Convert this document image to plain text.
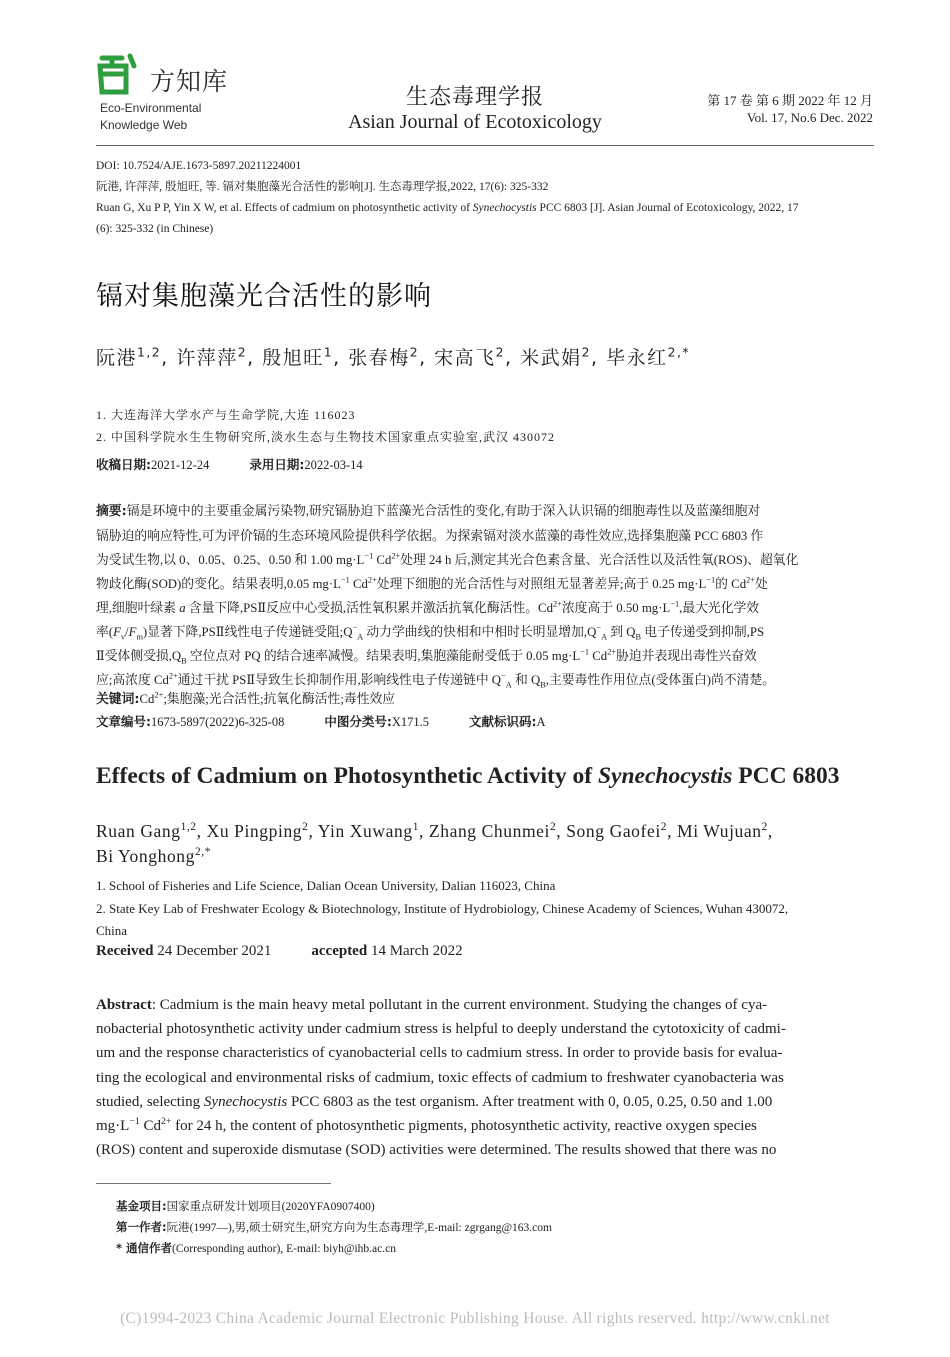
方知库
Eco-Environmental
Knowledge Web
生态毒理学报
Asian Journal of Ecotoxicology
第 17 卷 第 6 期 2022 年 12 月
Vol. 17, No.6 Dec. 2022
DOI: 10.7524/AJE.1673-5897.20211224001
阮港, 许萍萍, 殷旭旺, 等. 镉对集胞藻光合活性的影响[J]. 生态毒理学报,2022, 17(6): 325-332
Ruan G, Xu P P, Yin X W, et al. Effects of cadmium on photosynthetic activity of Synechocystis PCC 6803 [J]. Asian Journal of Ecotoxicology, 2022, 17
(6): 325-332 (in Chinese)
镉对集胞藻光合活性的影响
阮港$^{1,2}$, 许萍萍$^2$, 殷旭旺$^1$, 张春梅$^2$, 宋高飞$^2$, 米武娟$^2$, 毕永红$^{2,*}$
1. 大连海洋大学水产与生命学院,大连 116023
2. 中国科学院水生生物研究所,淡水生态与生物技术国家重点实验室,武汉 430072
收稿日期:2021-12-24	录用日期:2022-03-14
摘要:镉是环境中的主要重金属污染物,研究镉胁迫下蓝藻光合活性的变化,有助于深入认识镉的细胞毒性以及蓝藻细胞对
镉胁迫的响应特性,可为评价镉的生态环境风险提供科学依据。为探索镉对淡水蓝藻的毒性效应,选择集胞藻 PCC 6803 作
为受试生物,以 0、0.05、0.25、0.50 和 1.00 $mg\cdot L^{-1}$ $Cd^{2+}$处理 24 h 后,测定其光合色素含量、光合活性以及活性氧(ROS)、超氧化
物歧化酶(SOD)的变化。结果表明,0.05 $mg\cdot L^{-1}$ $Cd^{2+}$处理下细胞的光合活性与对照组无显著差异;高于 0.25 $mg\cdot L^{-1}$的 $Cd^{2+}$处
理,细胞叶绿素 a 含量下降,PSⅡ反应中心受损,活性氧积累并激活抗氧化酶活性。$Cd^{2+}$浓度高于 0.50 $mg\cdot L^{-1}$,最大光化学效
率$(F_v/F_m)$显著下降,PSⅡ线性电子传递链受阻$;Q^-_A$ 动力学曲线的快相和中相时长明显增加$,Q^-_A$ 到 $Q_B$ 电子传递受到抑制,PS
Ⅱ受体侧受损$,Q_B$ 空位点对 PQ 的结合速率减慢。结果表明,集胞藻能耐受低于 0.05 $mg\cdot L^{-1}$ $Cd^{2+}$胁迫并表现出毒性兴奋效
应;高浓度 $Cd^{2+}$通过干扰 PSⅡ导致生长抑制作用,影响线性电子传递链中 $Q^-_A$ 和 $Q_B$,主要毒性作用位点(受体蛋白)尚不清楚。
关键词$:Cd^{2+}$;集胞藻;光合活性;抗氧化酶活性;毒性效应
文章编号:1673-5897(2022)6-325-08	中图分类号:X171.5	文献标识码:A
Effects of Cadmium on Photosynthetic Activity of Synechocystis PCC 6803
Ruan Gang$^{1,2}$, Xu Pingping$^2$, Yin Xuwang$^1$, Zhang Chunmei$^2$, Song Gaofei$^2$, Mi Wujuan$^2$,
Bi Yonghong$^{2,*}$
1. School of Fisheries and Life Science, Dalian Ocean University, Dalian 116023, China
2. State Key Lab of Freshwater Ecology & Biotechnology, Institute of Hydrobiology, Chinese Academy of Sciences, Wuhan 430072,
China
Received 24 December 2021	accepted 14 March 2022
Abstract: Cadmium is the main heavy metal pollutant in the current environment. Studying the changes of cya-
nobacterial photosynthetic activity under cadmium stress is helpful to deeply understand the cytotoxicity of cadmi-
um and the response characteristics of cyanobacterial cells to cadmium stress. In order to provide basis for evalua-
ting the ecological and environmental risks of cadmium, toxic effects of cadmium to freshwater cyanobacteria was
studied, selecting Synechocystis PCC 6803 as the test organism. After treatment with 0, 0.05, 0.25, 0.50 and 1.00
$mg\cdot L^{-1}$ $Cd^{2+}$ for 24 h, the content of photosynthetic pigments, photosynthetic activity, reactive oxygen species
(ROS) content and superoxide dismutase (SOD) activities were determined. The results showed that there was no
基金项目:国家重点研发计划项目(2020YFA0907400)
第一作者:阮港(1997—),男,硕士研究生,研究方向为生态毒理学,E-mail: zgrgang@163.com
* 通信作者(Corresponding author), E-mail: biyh@ihb.ac.cn
(C)1994-2023 China Academic Journal Electronic Publishing House. All rights reserved. http://www.cnki.net
